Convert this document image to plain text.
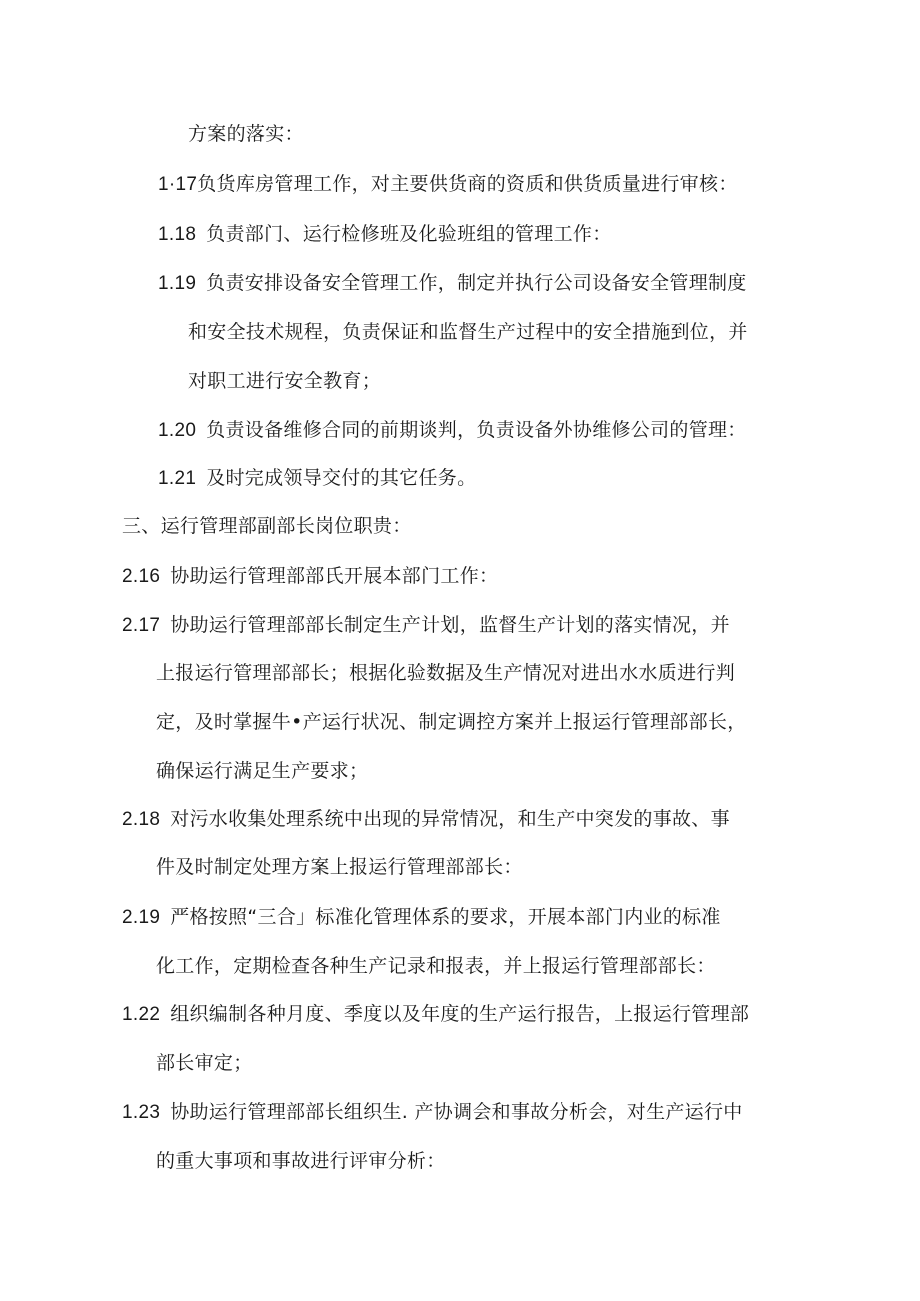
方案的落实：
1·17负货库房管理工作，对主要供货商的资质和供货质量进行审核：
1.18 负责部门、运行检修班及化验班组的管理工作：
1.19 负责安排设备安全管理工作，制定并执行公司设备安全管理制度
和安全技术规程，负责保证和监督生产过程中的安全措施到位，并
对职工进行安全教育；
1.20 负责设备维修合同的前期谈判，负责设备外协维修公司的管理：
1.21 及时完成领导交付的其它任务。
三、运行管理部副部长岗位职贵：
2.16 协助运行管理部部氏开展本部门工作：
2.17 协助运行管理部部长制定生产计划，监督生产计划的落实情况，并
上报运行管理部部长；根据化验数据及生产情况对进出水水质进行判
定，及时掌握牛•产运行状况、制定调控方案并上报运行管理部部长，
确保运行满足生产要求；
2.18 对污水收集处理系统中出现的异常情况，和生产中突发的事故、事
件及时制定处理方案上报运行管理部部长：
2.19 严格按照“三合」标准化管理体系的要求，开展本部门内业的标准
化工作，定期检查各种生产记录和报表，并上报运行管理部部长：
1.22 组织编制各种月度、季度以及年度的生产运行报告，上报运行管理部
部长审定；
1.23 协助运行管理部部长组织生. 产协调会和事故分析会，对生产运行中
的重大事项和事故进行评审分析：
